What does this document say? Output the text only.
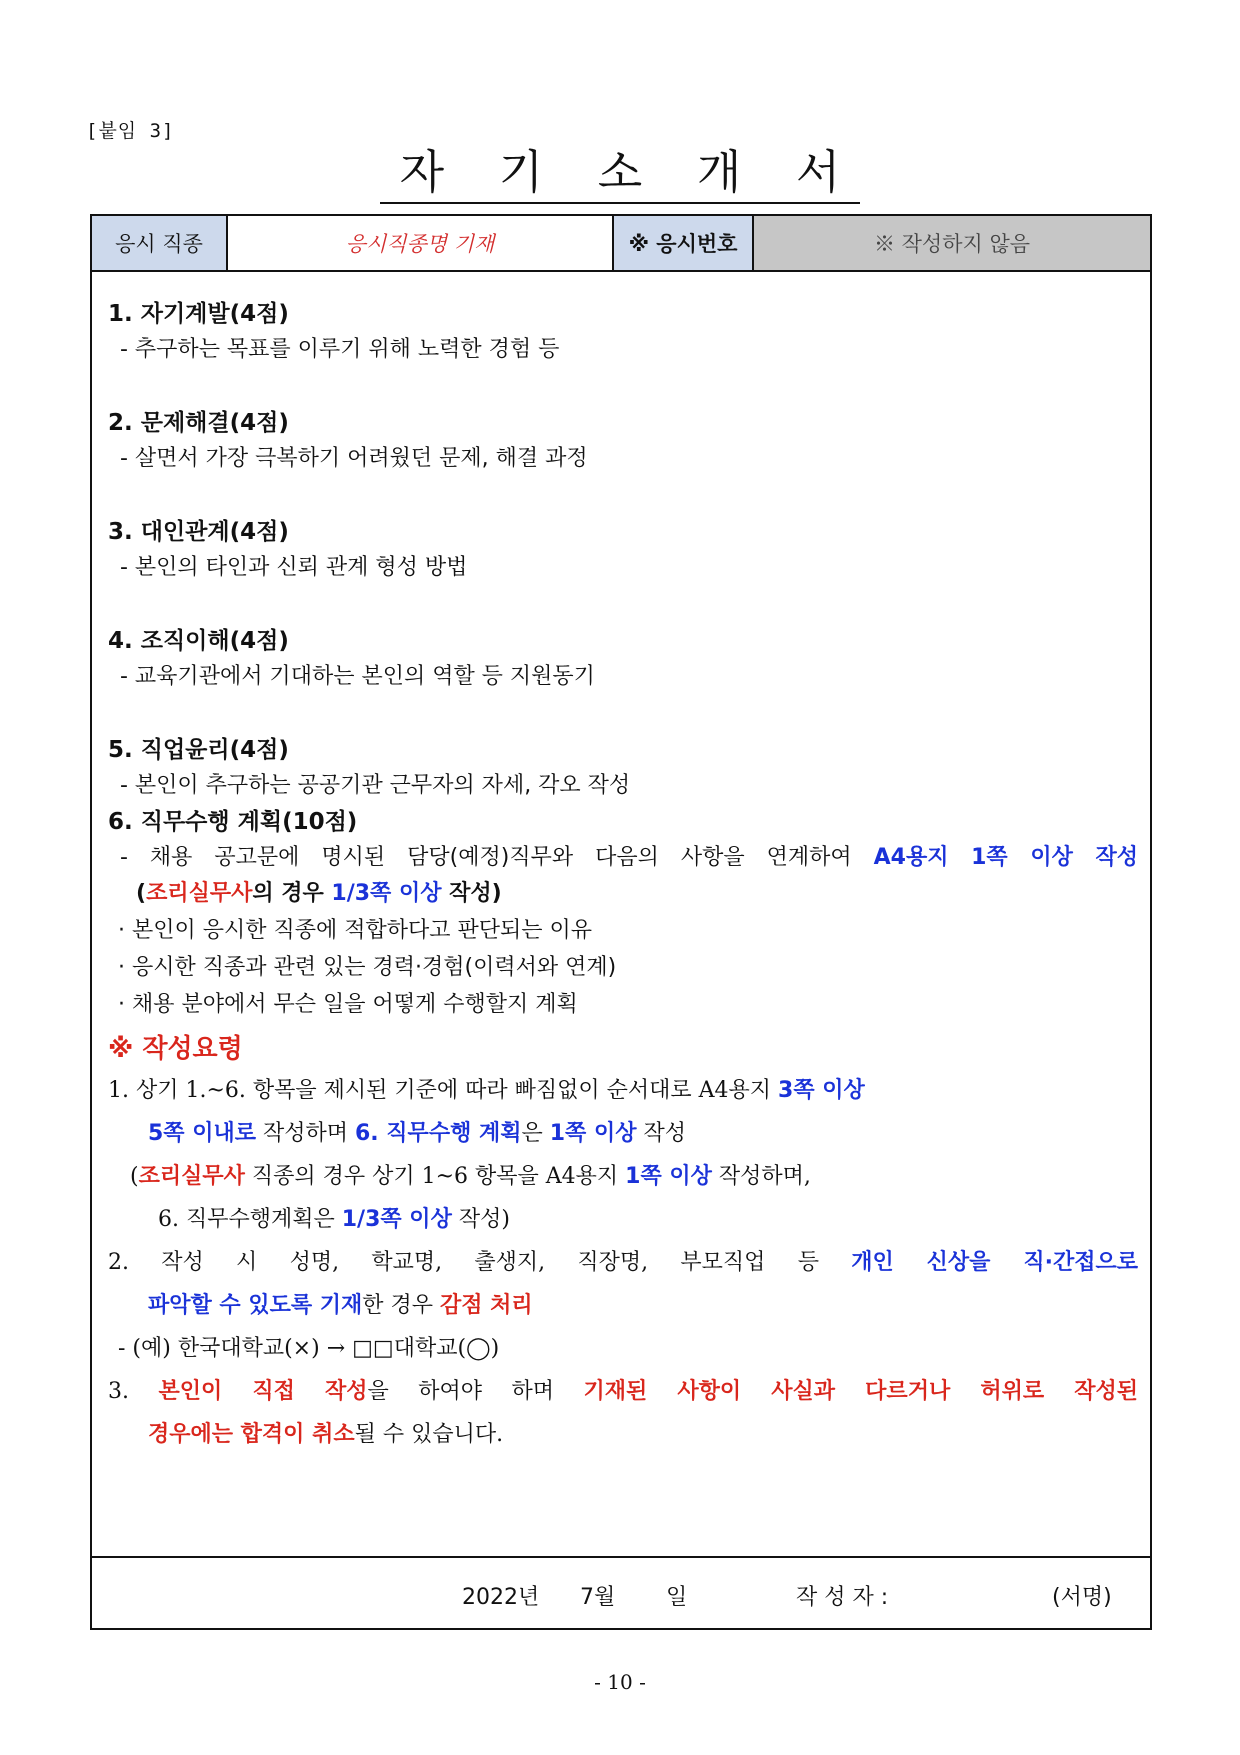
[붙임 3]
자 기 소 개 서
응시 직종	응시직종명 기재	※ 응시번호	※ 작성하지 않음
1. 자기계발(4점)

- 추구하는 목표를 이루기 위해 노력한 경험 등

2. 문제해결(4점)

- 살면서 가장 극복하기 어려웠던 문제, 해결 과정

3. 대인관계(4점)

- 본인의 타인과 신뢰 관계 형성 방법

4. 조직이해(4점)

- 교육기관에서 기대하는 본인의 역할 등 지원동기

5. 직업윤리(4점)

- 본인이 추구하는 공공기관 근무자의 자세, 각오 작성

6. 직무수행 계획(10점)

- 채용 공고문에 명시된 담당(예정)직무와 다음의 사항을 연계하여 A4용지 1쪽 이상 작성

(조리실무사의 경우 1/3쪽 이상 작성)

· 본인이 응시한 직종에 적합하다고 판단되는 이유

· 응시한 직종과 관련 있는 경력·경험(이력서와 연계)

· 채용 분야에서 무슨 일을 어떻게 수행할지 계획

※ 작성요령

1. 상기 1.~6. 항목을 제시된 기준에 따라 빠짐없이 순서대로 A4용지 3쪽 이상

5쪽 이내로 작성하며 6. 직무수행 계획은 1쪽 이상 작성

(조리실무사 직종의 경우 상기 1~6 항목을 A4용지 1쪽 이상 작성하며,

6. 직무수행계획은 1/3쪽 이상 작성)

2. 작성 시 성명, 학교명, 출생지, 직장명, 부모직업 등 개인 신상을 직·간접으로

파악할 수 있도록 기재한 경우 감점 처리

- (예) 한국대학교(×) → □□대학교(◯)

3. 본인이 직접 작성을 하여야 하며 기재된 사항이 사실과 다르거나 허위로 작성된

경우에는 합격이 취소될 수 있습니다.

2022년 7월 일	작 성 자 :	(서명)
- 10 -
